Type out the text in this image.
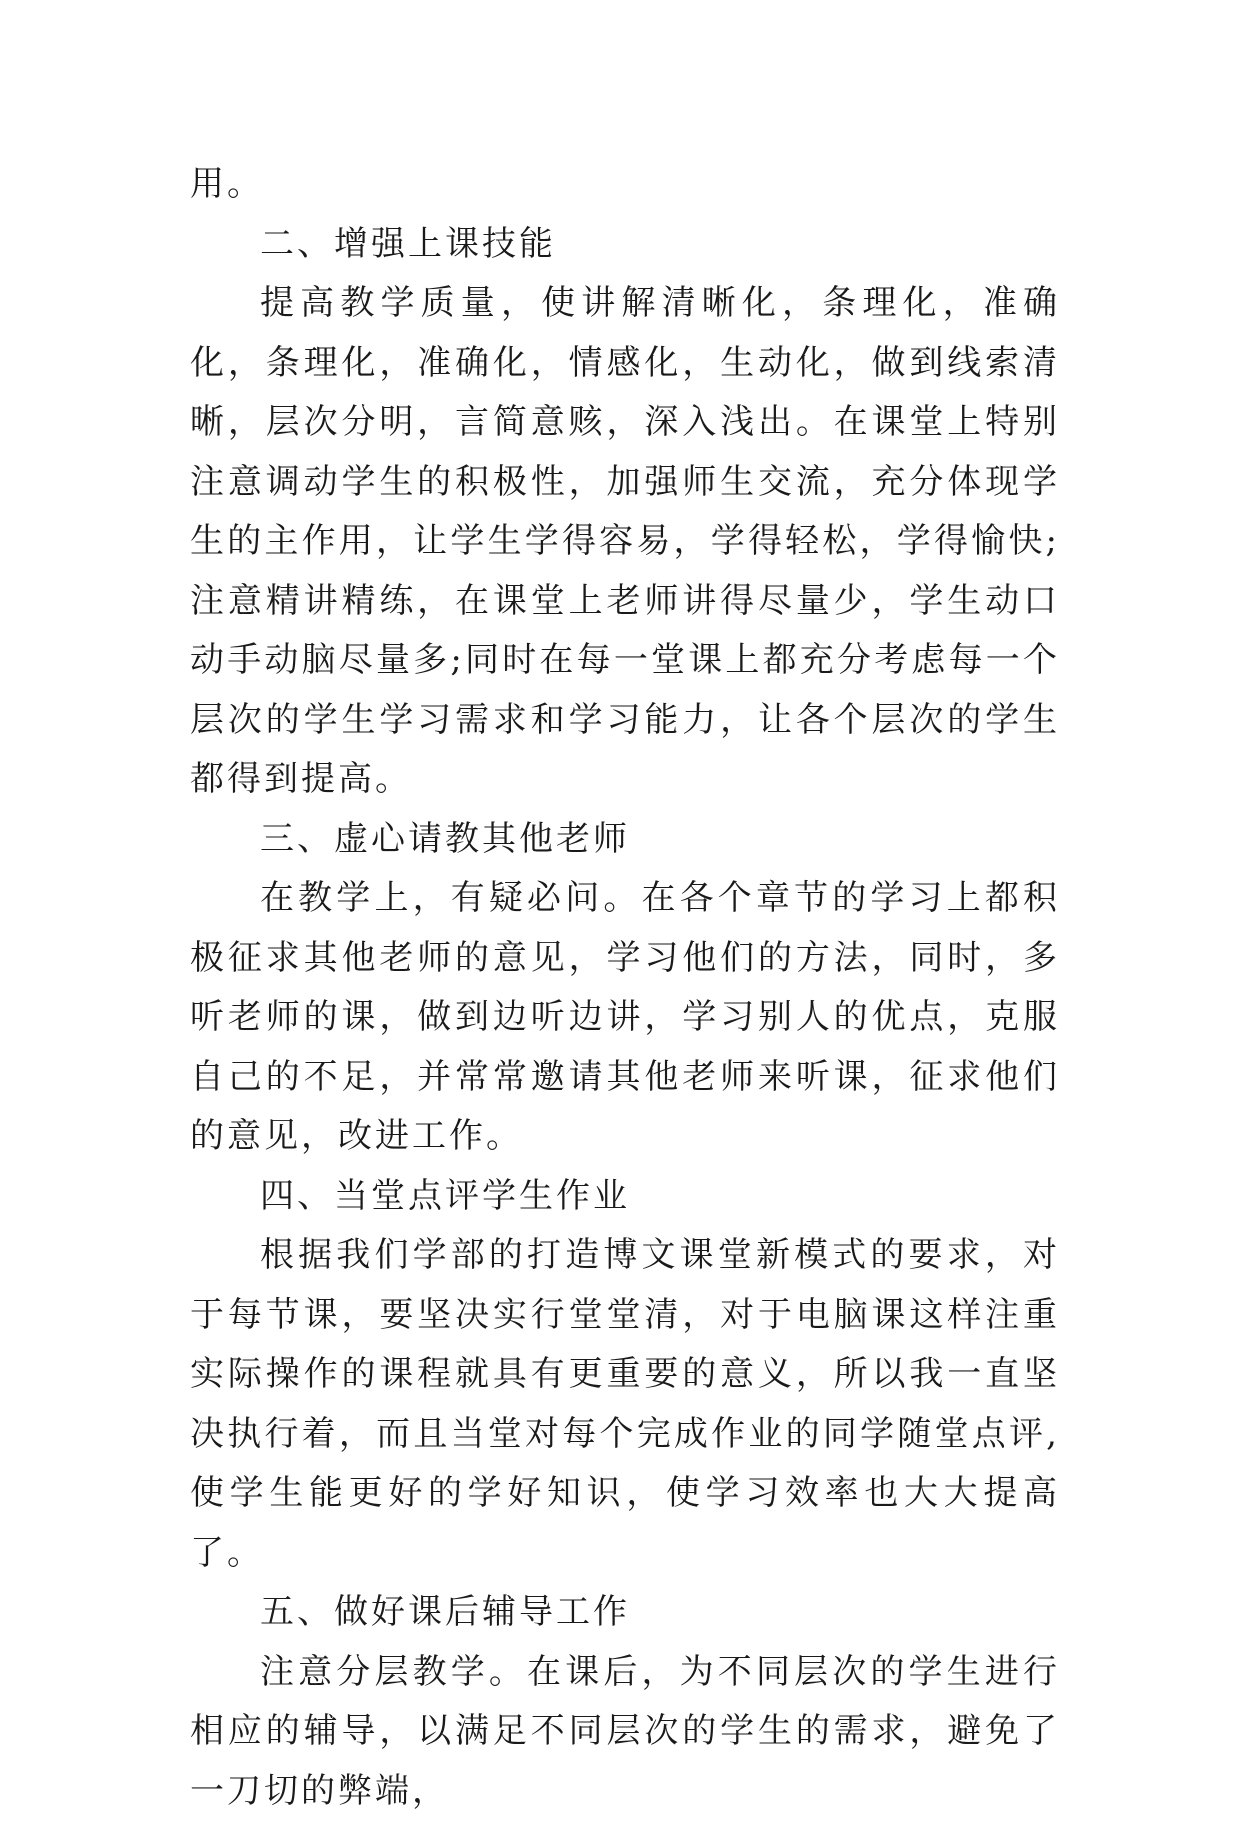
用。

二、增强上课技能

提高教学质量，使讲解清晰化，条理化，准确化，条理化，准确化，情感化，生动化，做到线索清晰，层次分明，言简意赅，深入浅出。在课堂上特别注意调动学生的积极性，加强师生交流，充分体现学生的主作用，让学生学得容易，学得轻松，学得愉快;注意精讲精练，在课堂上老师讲得尽量少，学生动口动手动脑尽量多;同时在每一堂课上都充分考虑每一个层次的学生学习需求和学习能力，让各个层次的学生都得到提高。

三、虚心请教其他老师

在教学上，有疑必问。在各个章节的学习上都积极征求其他老师的意见，学习他们的方法，同时，多听老师的课，做到边听边讲，学习别人的优点，克服自己的不足，并常常邀请其他老师来听课，征求他们的意见，改进工作。

四、当堂点评学生作业

根据我们学部的打造博文课堂新模式的要求，对于每节课，要坚决实行堂堂清，对于电脑课这样注重实际操作的课程就具有更重要的意义，所以我一直坚决执行着，而且当堂对每个完成作业的同学随堂点评,使学生能更好的学好知识，使学习效率也大大提高了。

五、做好课后辅导工作

注意分层教学。在课后，为不同层次的学生进行相应的辅导，以满足不同层次的学生的需求，避免了一刀切的弊端，
